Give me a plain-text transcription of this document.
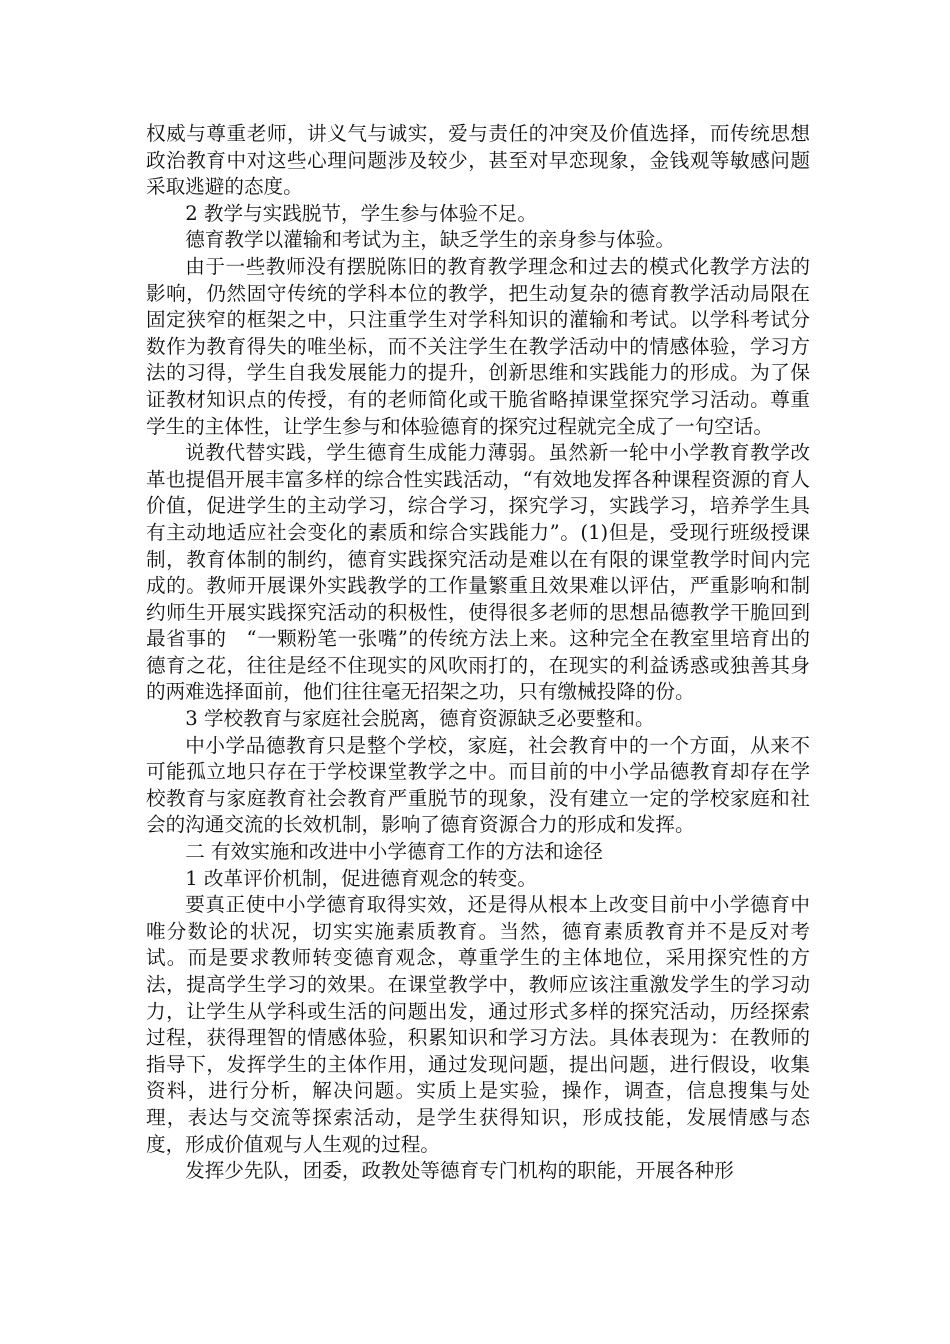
权威与尊重老师，讲义气与诚实，爱与责任的冲突及价值选择，而传统思想政治教育中对这些心理问题涉及较少，甚至对早恋现象，金钱观等敏感问题采取逃避的态度。

2 教学与实践脱节，学生参与体验不足。

德育教学以灌输和考试为主，缺乏学生的亲身参与体验。

由于一些教师没有摆脱陈旧的教育教学理念和过去的模式化教学方法的影响，仍然固守传统的学科本位的教学，把生动复杂的德育教学活动局限在固定狭窄的框架之中，只注重学生对学科知识的灌输和考试。以学科考试分数作为教育得失的唯坐标，而不关注学生在教学活动中的情感体验，学习方法的习得，学生自我发展能力的提升，创新思维和实践能力的形成。为了保证教材知识点的传授，有的老师简化或干脆省略掉课堂探究学习活动。尊重学生的主体性，让学生参与和体验德育的探究过程就完全成了一句空话。

说教代替实践，学生德育生成能力薄弱。虽然新一轮中小学教育教学改革也提倡开展丰富多样的综合性实践活动，“有效地发挥各种课程资源的育人价值，促进学生的主动学习，综合学习，探究学习，实践学习，培养学生具有主动地适应社会变化的素质和综合实践能力”。(1)但是，受现行班级授课制，教育体制的制约，德育实践探究活动是难以在有限的课堂教学时间内完成的。教师开展课外实践教学的工作量繁重且效果难以评估，严重影响和制约师生开展实践探究活动的积极性，使得很多老师的思想品德教学干脆回到最省事的　“一颗粉笔一张嘴”的传统方法上来。这种完全在教室里培育出的德育之花，往往是经不住现实的风吹雨打的，在现实的利益诱惑或独善其身的两难选择面前，他们往往毫无招架之功，只有缴械投降的份。

3 学校教育与家庭社会脱离，德育资源缺乏必要整和。

中小学品德教育只是整个学校，家庭，社会教育中的一个方面，从来不可能孤立地只存在于学校课堂教学之中。而目前的中小学品德教育却存在学校教育与家庭教育社会教育严重脱节的现象，没有建立一定的学校家庭和社会的沟通交流的长效机制，影响了德育资源合力的形成和发挥。

二 有效实施和改进中小学德育工作的方法和途径

1 改革评价机制，促进德育观念的转变。

要真正使中小学德育取得实效，还是得从根本上改变目前中小学德育中唯分数论的状况，切实实施素质教育。当然，德育素质教育并不是反对考试。而是要求教师转变德育观念，尊重学生的主体地位，采用探究性的方法，提高学生学习的效果。在课堂教学中，教师应该注重激发学生的学习动力，让学生从学科或生活的问题出发，通过形式多样的探究活动，历经探索过程，获得理智的情感体验，积累知识和学习方法。具体表现为：在教师的指导下，发挥学生的主体作用，通过发现问题，提出问题，进行假设，收集资料，进行分析，解决问题。实质上是实验，操作，调查，信息搜集与处理，表达与交流等探索活动，是学生获得知识，形成技能，发展情感与态度，形成价值观与人生观的过程。

发挥少先队，团委，政教处等德育专门机构的职能，开展各种形
